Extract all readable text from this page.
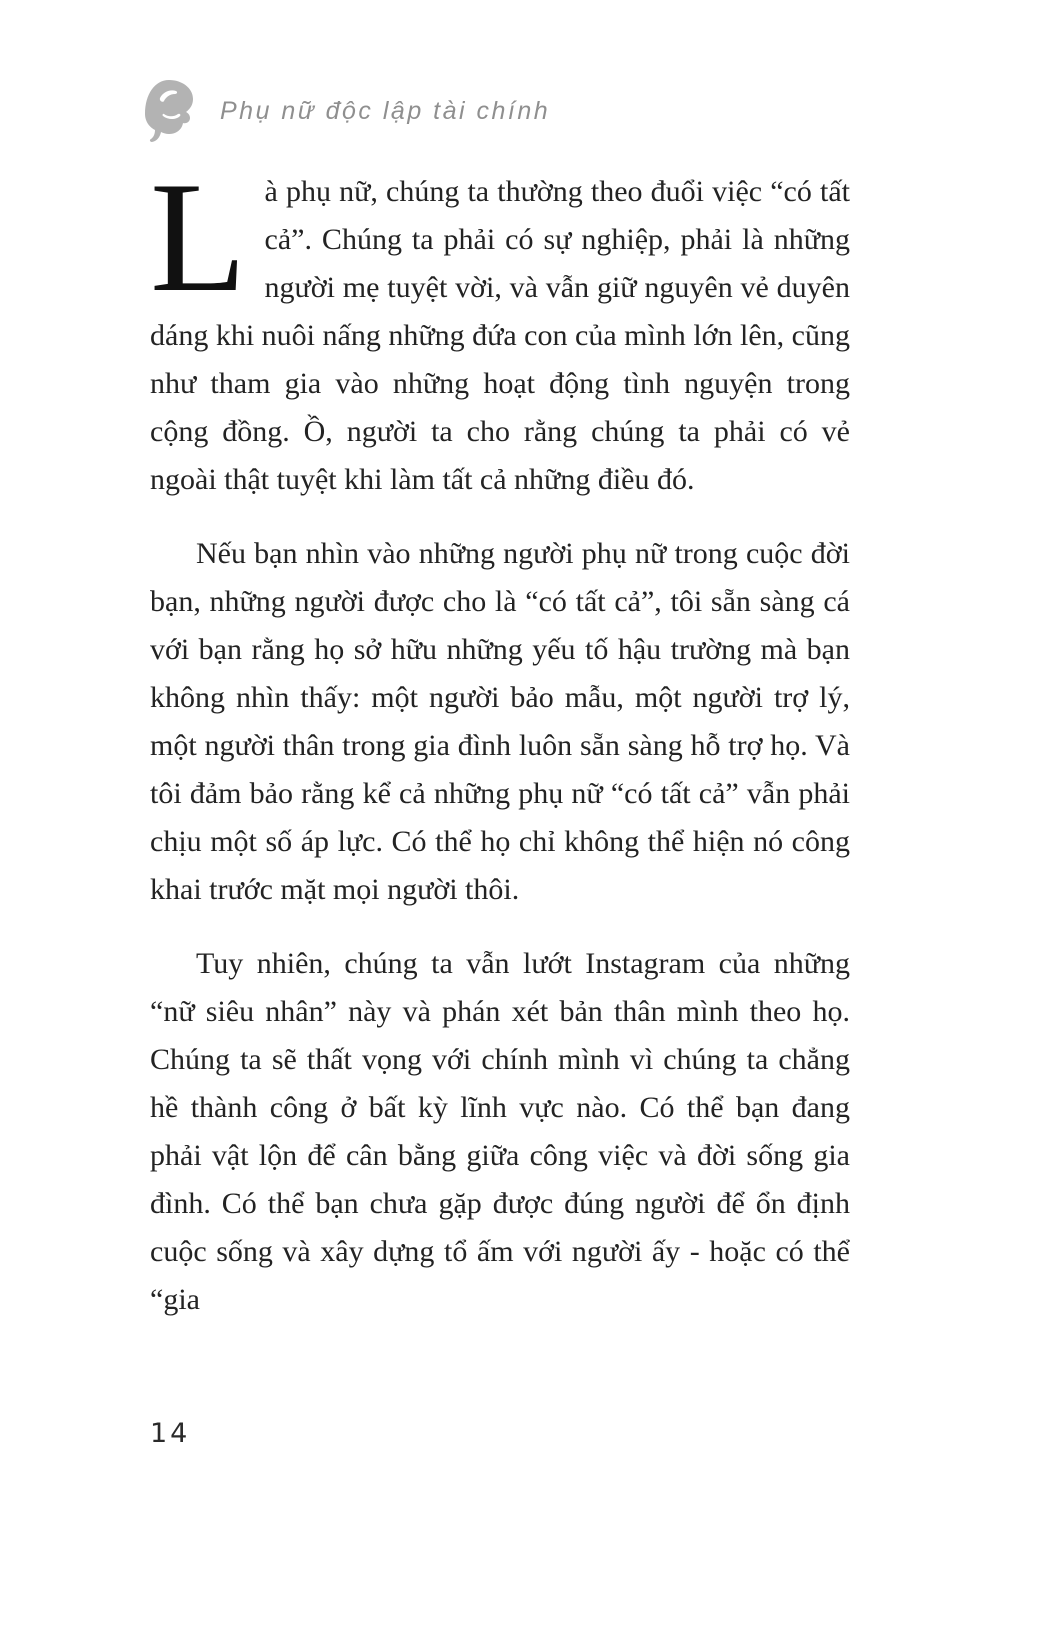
Phụ nữ độc lập tài chính

Là phụ nữ, chúng ta thường theo đuổi việc “có tất cả”. Chúng ta phải có sự nghiệp, phải là những người mẹ tuyệt vời, và vẫn giữ nguyên vẻ duyên dáng khi nuôi nấng những đứa con của mình lớn lên, cũng như tham gia vào những hoạt động tình nguyện trong cộng đồng. Ồ, người ta cho rằng chúng ta phải có vẻ ngoài thật tuyệt khi làm tất cả những điều đó.

Nếu bạn nhìn vào những người phụ nữ trong cuộc đời bạn, những người được cho là “có tất cả”, tôi sẵn sàng cá với bạn rằng họ sở hữu những yếu tố hậu trường mà bạn không nhìn thấy: một người bảo mẫu, một người trợ lý, một người thân trong gia đình luôn sẵn sàng hỗ trợ họ. Và tôi đảm bảo rằng kể cả những phụ nữ “có tất cả” vẫn phải chịu một số áp lực. Có thể họ chỉ không thể hiện nó công khai trước mặt mọi người thôi.

Tuy nhiên, chúng ta vẫn lướt Instagram của những “nữ siêu nhân” này và phán xét bản thân mình theo họ. Chúng ta sẽ thất vọng với chính mình vì chúng ta chẳng hề thành công ở bất kỳ lĩnh vực nào. Có thể bạn đang phải vật lộn để cân bằng giữa công việc và đời sống gia đình. Có thể bạn chưa gặp được đúng người để ổn định cuộc sống và xây dựng tổ ấm với người ấy - hoặc có thể “gia

14
